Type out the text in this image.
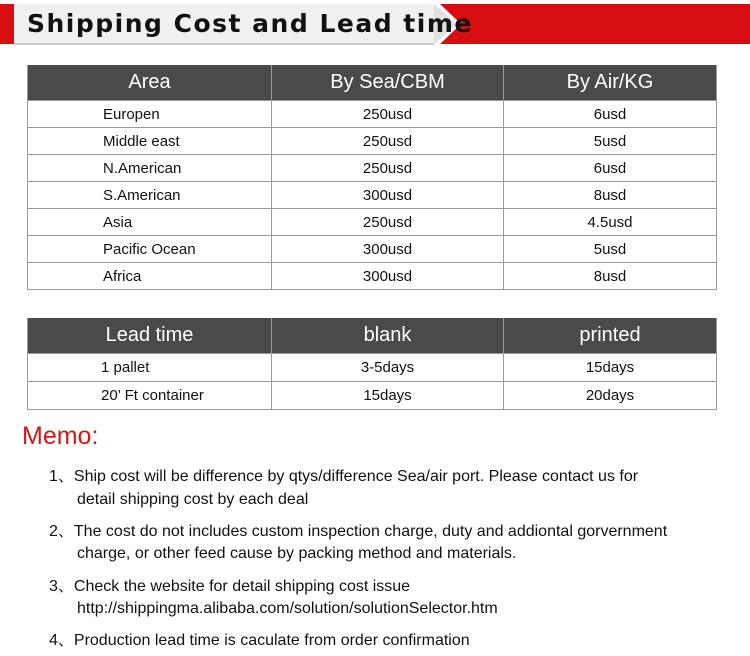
Shipping Cost and Lead time
Area	By Sea/CBM	By Air/KG
Europen	250usd	6usd
Middle east	250usd	5usd
N.American	250usd	6usd
S.American	300usd	8usd
Asia	250usd	4.5usd
Pacific Ocean	300usd	5usd
Africa	300usd	8usd
Lead time	blank	printed
1 pallet	3-5days	15days
20’ Ft container	15days	20days
Memo:
1、Ship cost will be difference by qtys/difference Sea/air port. Please contact us for
detail shipping cost by each deal
2、The cost do not includes custom inspection charge, duty and addiontal gorvernment
charge, or other feed cause by packing method and materials.
3、Check the website for detail shipping cost issue
http://shippingma.alibaba.com/solution/solutionSelector.htm
4、Production lead time is caculate from order confirmation
